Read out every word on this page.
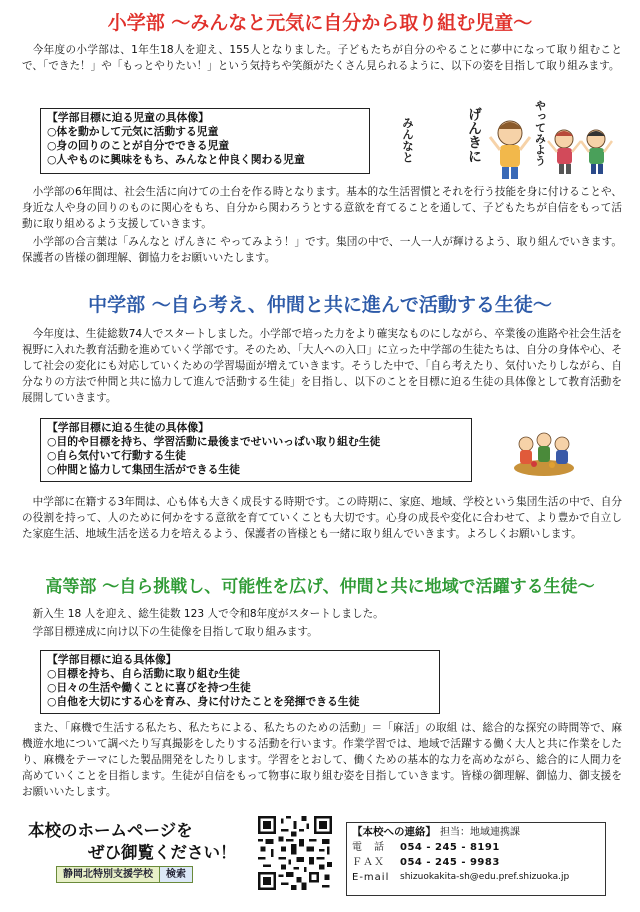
小学部 ～みんなと元気に自分から取り組む児童～
今年度の小学部は、1年生18人を迎え、155人となりました。子どもたちが自分のやることに夢中になって取り組むことで、「できた！」や「もっとやりたい！」という気持ちや笑顔がたくさん見られるように、以下の姿を目指して取り組みます。
【学部目標に迫る児童の具体像】
○体を動かして元気に活動する児童
○身の回りのことが自分でできる児童
○人やものに興味をもち、みんなと仲良く関わる児童	みんなと	げんきに	やってみよう
小学部の6年間は、社会生活に向けての土台を作る時となります。基本的な生活習慣とそれを行う技能を身に付けることや、身近な人や身の回りのものに関心をもち、自分から関わろうとする意欲を育てることを通して、子どもたちが自信をもって活動に取り組めるよう支援していきます。
小学部の合言葉は「みんなと げんきに やってみよう！」です。集団の中で、一人一人が輝けるよう、取り組んでいきます。保護者の皆様の御理解、御協力をお願いいたします。
中学部 ～自ら考え、仲間と共に進んで活動する生徒～
今年度は、生徒総数74人でスタートしました。小学部で培った力をより確実なものにしながら、卒業後の進路や社会生活を視野に入れた教育活動を進めていく学部です。そのため、「大人への入口」に立った中学部の生徒たちは、自分の身体や心、そして社会の変化にも対応していくための学習場面が増えていきます。そうした中で、「自ら考えたり、気付いたりしながら、自分なりの方法で仲間と共に協力して進んで活動する生徒」を目指し、以下のことを目標に迫る生徒の具体像として教育活動を展開していきます。
【学部目標に迫る生徒の具体像】
○目的や目標を持ち、学習活動に最後までせいいっぱい取り組む生徒
○自ら気付いて行動する生徒
○仲間と協力して集団生活ができる生徒
中学部に在籍する3年間は、心も体も大きく成長する時期です。この時期に、家庭、地域、学校という集団生活の中で、自分の役割を持って、人のために何かをする意欲を育てていくことも大切です。心身の成長や変化に合わせて、より豊かで自立した家庭生活、地域生活を送る力を培えるよう、保護者の皆様とも一緒に取り組んでいきます。よろしくお願いします。
高等部 ～自ら挑戦し、可能性を広げ、仲間と共に地域で活躍する生徒～
新入生 18 人を迎え、総生徒数 123 人で令和8年度がスタートしました。
学部目標達成に向け以下の生徒像を目指して取り組みます。
【学部目標に迫る具体像】
○目標を持ち、自ら活動に取り組む生徒
○日々の生活や働くことに喜びを持つ生徒
○自他を大切にする心を育み、身に付けたことを発揮できる生徒
また、「麻機で生活する私たち、私たちによる、私たちのための活動」＝「麻活」の取組 は、総合的な探究の時間等で、麻機遊水地について調べたり写真撮影をしたりする活動を行います。作業学習では、地域で活躍する働く大人と共に作業をしたり、麻機をテーマにした製品開発をしたりします。学習をとおして、働くための基本的な力を高めながら、総合的に人間力を高めていくことを目指します。生徒が自信をもって物事に取り組む姿を目指していきます。皆様の御理解、御協力、御支援をお願いいたします。
本校のホームページを
ぜひ御覧ください！
静岡北特別支援学校	検索
【本校への連絡】 担当：地域連携課
電　話	054 - 245 - 8191
ＦＡＸ	054 - 245 - 9983
E-mail	shizuokakita-sh@edu.pref.shizuoka.jp
